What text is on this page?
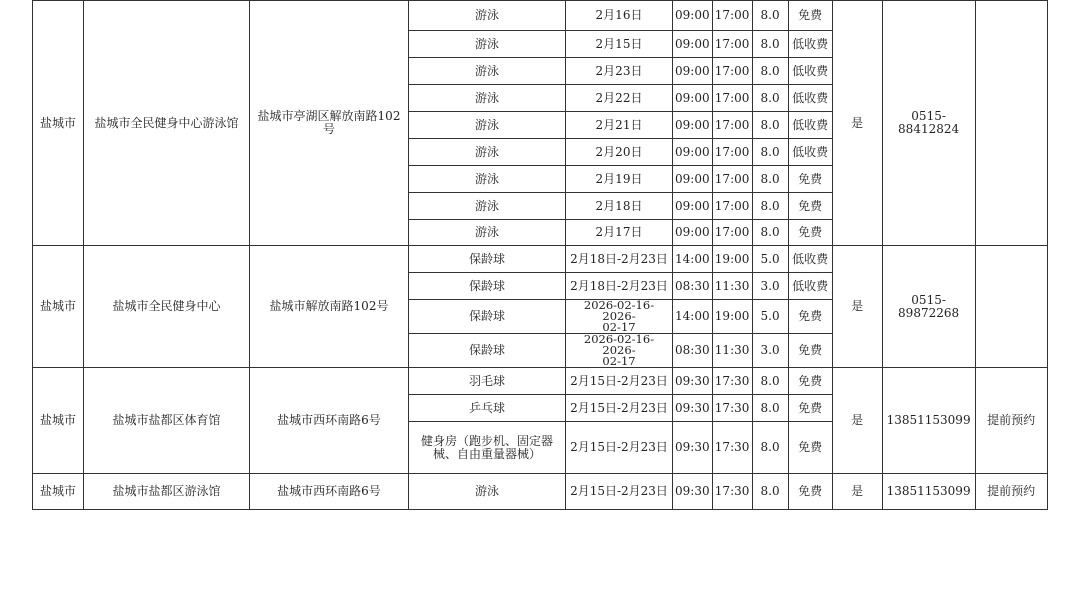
盐城市	盐城市全民健身中心游泳馆	盐城市亭湖区解放南路102
号	游泳	2月16日	09:00	17:00	8.0	免费	是	0515-88412824	
			游泳	2月15日	09:00	17:00	8.0	低收费			
			游泳	2月23日	09:00	17:00	8.0	低收费			
			游泳	2月22日	09:00	17:00	8.0	低收费			
			游泳	2月21日	09:00	17:00	8.0	低收费			
			游泳	2月20日	09:00	17:00	8.0	低收费			
			游泳	2月19日	09:00	17:00	8.0	免费			
			游泳	2月18日	09:00	17:00	8.0	免费			
			游泳	2月17日	09:00	17:00	8.0	免费			
盐城市	盐城市全民健身中心	盐城市解放南路102号	保龄球	2月18日-2月23日	14:00	19:00	5.0	低收费	是	0515-89872268	
			保龄球	2月18日-2月23日	08:30	11:30	3.0	低收费			
			保龄球	2026-02-16-2026-
02-17	14:00	19:00	5.0	免费			
			保龄球	2026-02-16-2026-
02-17	08:30	11:30	3.0	免费			
盐城市	盐城市盐都区体育馆	盐城市西环南路6号	羽毛球	2月15日-2月23日	09:30	17:30	8.0	免费	是	13851153099	提前预约
			乒乓球	2月15日-2月23日	09:30	17:30	8.0	免费			
			健身房（跑步机、固定器
械、自由重量器械）	2月15日-2月23日	09:30	17:30	8.0	免费			
盐城市	盐城市盐都区游泳馆	盐城市西环南路6号	游泳	2月15日-2月23日	09:30	17:30	8.0	免费	是	13851153099	提前预约
